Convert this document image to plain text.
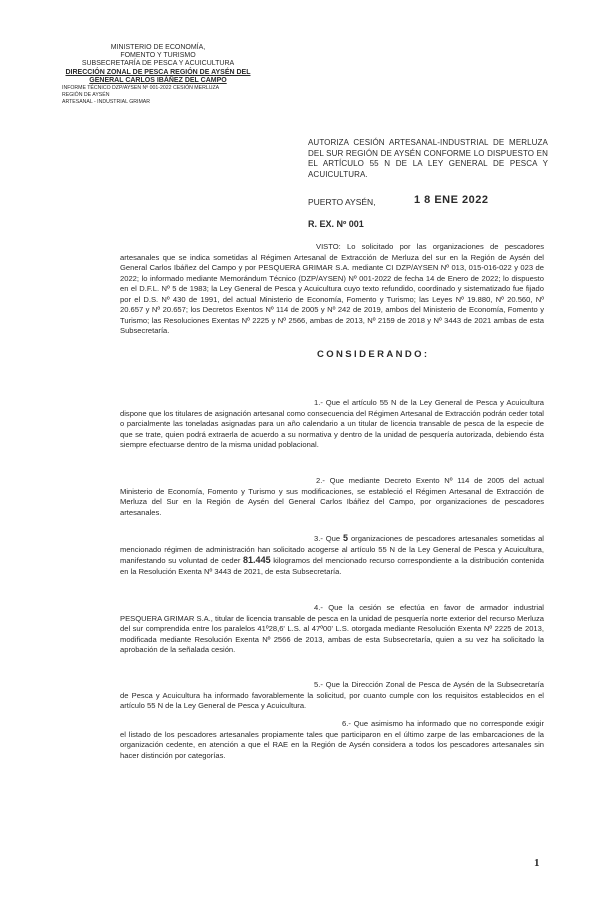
MINISTERIO DE ECONOMÍA,
FOMENTO Y TURISMO
SUBSECRETARÍA DE PESCA Y ACUICULTURA
DIRECCIÓN ZONAL DE PESCA REGIÓN DE AYSÉN DEL
GENERAL CARLOS IBÁÑEZ DEL CAMPO
INFORME TÉCNICO DZP/AYSEN Nº 001-2022 CESIÓN MERLUZA
REGIÓN DE AYSÉN
ARTESANAL - INDUSTRIAL GRIMAR
AUTORIZA CESIÓN ARTESANAL-INDUSTRIAL DE MERLUZA DEL SUR REGIÓN DE AYSÉN CONFORME LO DISPUESTO EN EL ARTÍCULO 55 N DE LA LEY GENERAL DE PESCA Y ACUICULTURA.
PUERTO AYSÉN,	1 8 ENE 2022
R. EX. Nº 001
VISTO: Lo solicitado por las organizaciones de pescadores artesanales que se indica sometidas al Régimen Artesanal de Extracción de Merluza del sur en la Región de Aysén del General Carlos Ibáñez del Campo y por PESQUERA GRIMAR S.A. mediante CI DZP/AYSEN Nº 013, 015-016-022 y 023 de 2022; lo informado mediante Memorándum Técnico (DZP/AYSEN) Nº 001-2022 de fecha 14 de Enero de 2022; lo dispuesto en el D.F.L. Nº 5 de 1983; la Ley General de Pesca y Acuicultura cuyo texto refundido, coordinado y sistematizado fue fijado por el D.S. Nº 430 de 1991, del actual Ministerio de Economía, Fomento y Turismo; las Leyes Nº 19.880, Nº 20.560, Nº 20.657 y Nº 20.657; los Decretos Exentos Nº 114 de 2005 y Nº 242 de 2019, ambos del Ministerio de Economía, Fomento y Turismo; las Resoluciones Exentas Nº 2225 y Nº 2566, ambas de 2013, Nº 2159 de 2018 y Nº 3443 de 2021 ambas de esta Subsecretaría.
CONSIDERANDO:
1.- Que el artículo 55 N de la Ley General de Pesca y Acuicultura dispone que los titulares de asignación artesanal como consecuencia del Régimen Artesanal de Extracción podrán ceder total o parcialmente las toneladas asignadas para un año calendario a un titular de licencia transable de pesca de la especie de que se trate, quien podrá extraerla de acuerdo a su normativa y dentro de la unidad de pesquería autorizada, debiendo ésta siempre efectuarse dentro de la misma unidad poblacional.
2.- Que mediante Decreto Exento Nº 114 de 2005 del actual Ministerio de Economía, Fomento y Turismo y sus modificaciones, se estableció el Régimen Artesanal de Extracción de Merluza del Sur en la Región de Aysén del General Carlos Ibáñez del Campo, por organizaciones de pescadores artesanales.
3.- Que 5 organizaciones de pescadores artesanales sometidas al mencionado régimen de administración han solicitado acogerse al artículo 55 N de la Ley General de Pesca y Acuicultura, manifestando su voluntad de ceder 81.445 kilogramos del mencionado recurso correspondiente a la distribución contenida en la Resolución Exenta Nº 3443 de 2021, de esta Subsecretaría.
4.- Que la cesión se efectúa en favor de armador industrial PESQUERA GRIMAR S.A., titular de licencia transable de pesca en la unidad de pesquería norte exterior del recurso Merluza del sur comprendida entre los paralelos 41º28,6' L.S. al 47º00' L.S. otorgada mediante Resolución Exenta Nº 2225 de 2013, modificada mediante Resolución Exenta Nº 2566 de 2013, ambas de esta Subsecretaría, quien a su vez ha solicitado la aprobación de la señalada cesión.
5.- Que la Dirección Zonal de Pesca de Aysén de la Subsecretaría de Pesca y Acuicultura ha informado favorablemente la solicitud, por cuanto cumple con los requisitos establecidos en el artículo 55 N de la Ley General de Pesca y Acuicultura.
6.- Que asimismo ha informado que no corresponde exigir el listado de los pescadores artesanales propiamente tales que participaron en el último zarpe de las embarcaciones de la organización cedente, en atención a que el RAE en la Región de Aysén considera a todos los pescadores artesanales sin hacer distinción por categorías.
1
